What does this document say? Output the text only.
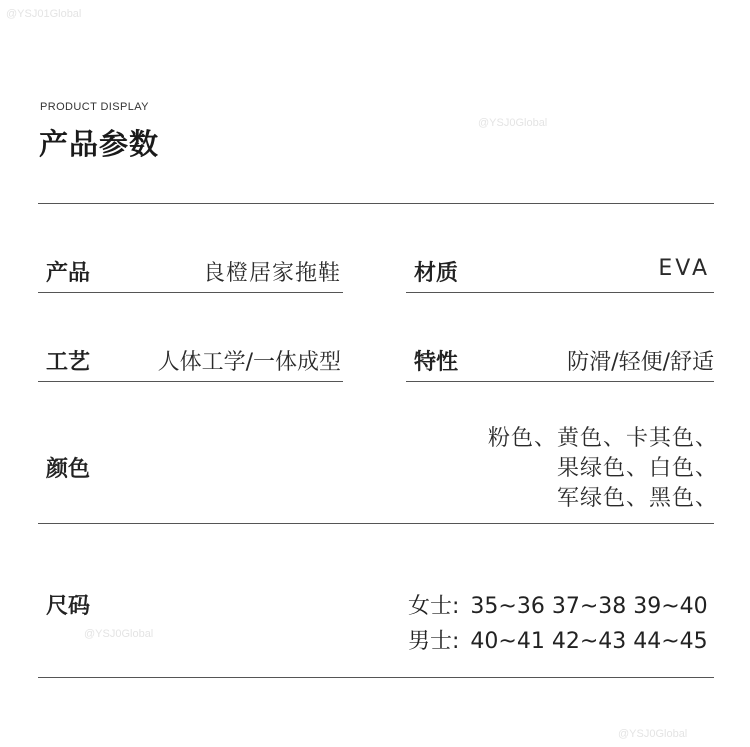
@YSJ01Global
@YSJ0Global
@YSJ0Global
@YSJ0Global
PRODUCT DISPLAY
产品参数
产品	良橙居家拖鞋	材质	EVA
工艺	人体工学/一体成型	特性	防滑/轻便/舒适
颜色
粉色、黄色、卡其色、
果绿色、白色、
军绿色、黑色、
尺码	女士: 35~36 37~38 39~40
男士: 40~41 42~43 44~45
